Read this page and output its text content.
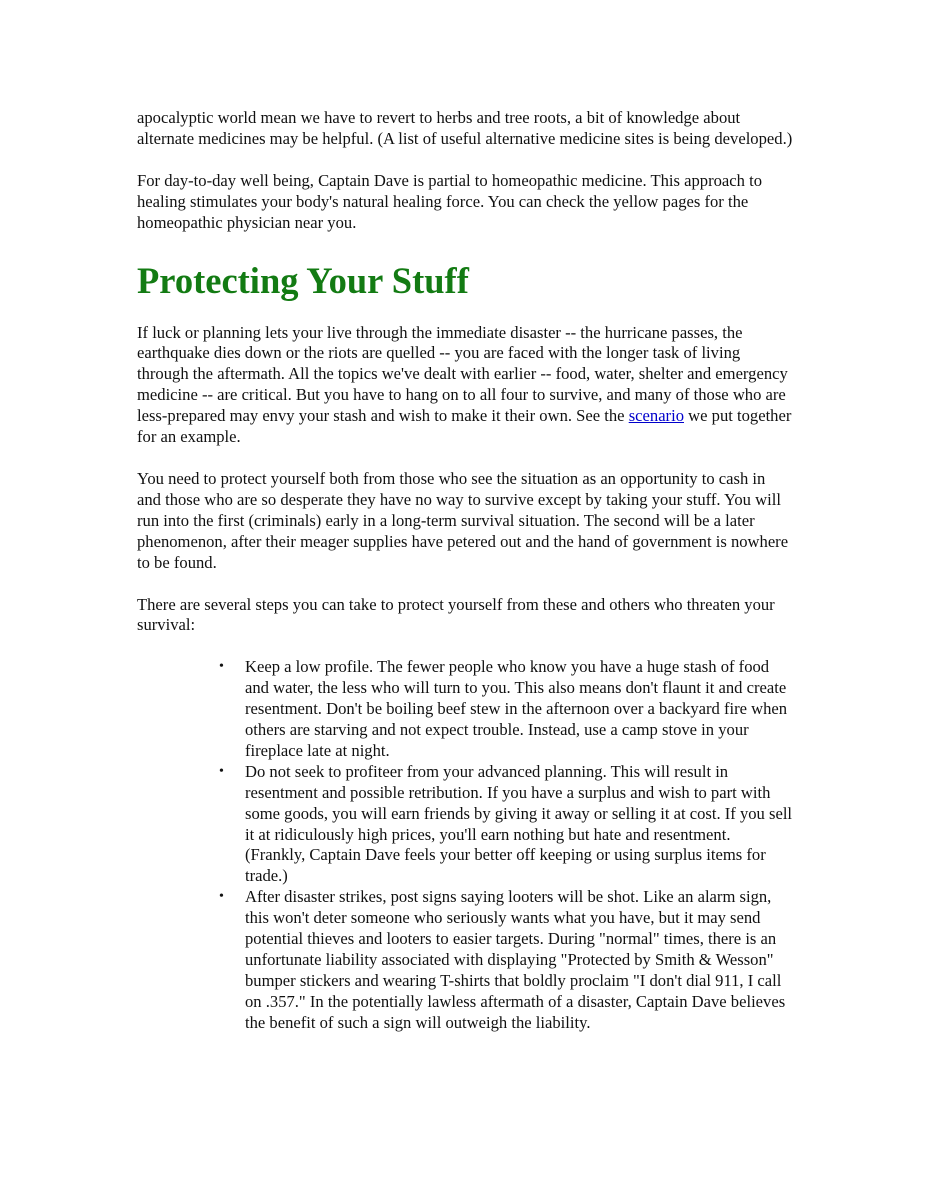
apocalyptic world mean we have to revert to herbs and tree roots, a bit of knowledge about alternate medicines may be helpful. (A list of useful alternative medicine sites is being developed.)

For day-to-day well being, Captain Dave is partial to homeopathic medicine. This approach to healing stimulates your body's natural healing force. You can check the yellow pages for the homeopathic physician near you.

Protecting Your Stuff

If luck or planning lets your live through the immediate disaster -- the hurricane passes, the earthquake dies down or the riots are quelled -- you are faced with the longer task of living through the aftermath. All the topics we've dealt with earlier -- food, water, shelter and emergency medicine -- are critical. But you have to hang on to all four to survive, and many of those who are less-prepared may envy your stash and wish to make it their own. See the scenario we put together for an example.

You need to protect yourself both from those who see the situation as an opportunity to cash in and those who are so desperate they have no way to survive except by taking your stuff. You will run into the first (criminals) early in a long-term survival situation. The second will be a later phenomenon, after their meager supplies have petered out and the hand of government is nowhere to be found.

There are several steps you can take to protect yourself from these and others who threaten your survival:

•	Keep a low profile. The fewer people who know you have a huge stash of food and water, the less who will turn to you. This also means don't flaunt it and create resentment. Don't be boiling beef stew in the afternoon over a backyard fire when others are starving and not expect trouble. Instead, use a camp stove in your fireplace late at night.
•	Do not seek to profiteer from your advanced planning. This will result in resentment and possible retribution. If you have a surplus and wish to part with some goods, you will earn friends by giving it away or selling it at cost. If you sell it at ridiculously high prices, you'll earn nothing but hate and resentment. (Frankly, Captain Dave feels your better off keeping or using surplus items for trade.)
•	After disaster strikes, post signs saying looters will be shot. Like an alarm sign, this won't deter someone who seriously wants what you have, but it may send potential thieves and looters to easier targets. During "normal" times, there is an unfortunate liability associated with displaying "Protected by Smith & Wesson" bumper stickers and wearing T-shirts that boldly proclaim "I don't dial 911, I call on .357." In the potentially lawless aftermath of a disaster, Captain Dave believes the benefit of such a sign will outweigh the liability.
